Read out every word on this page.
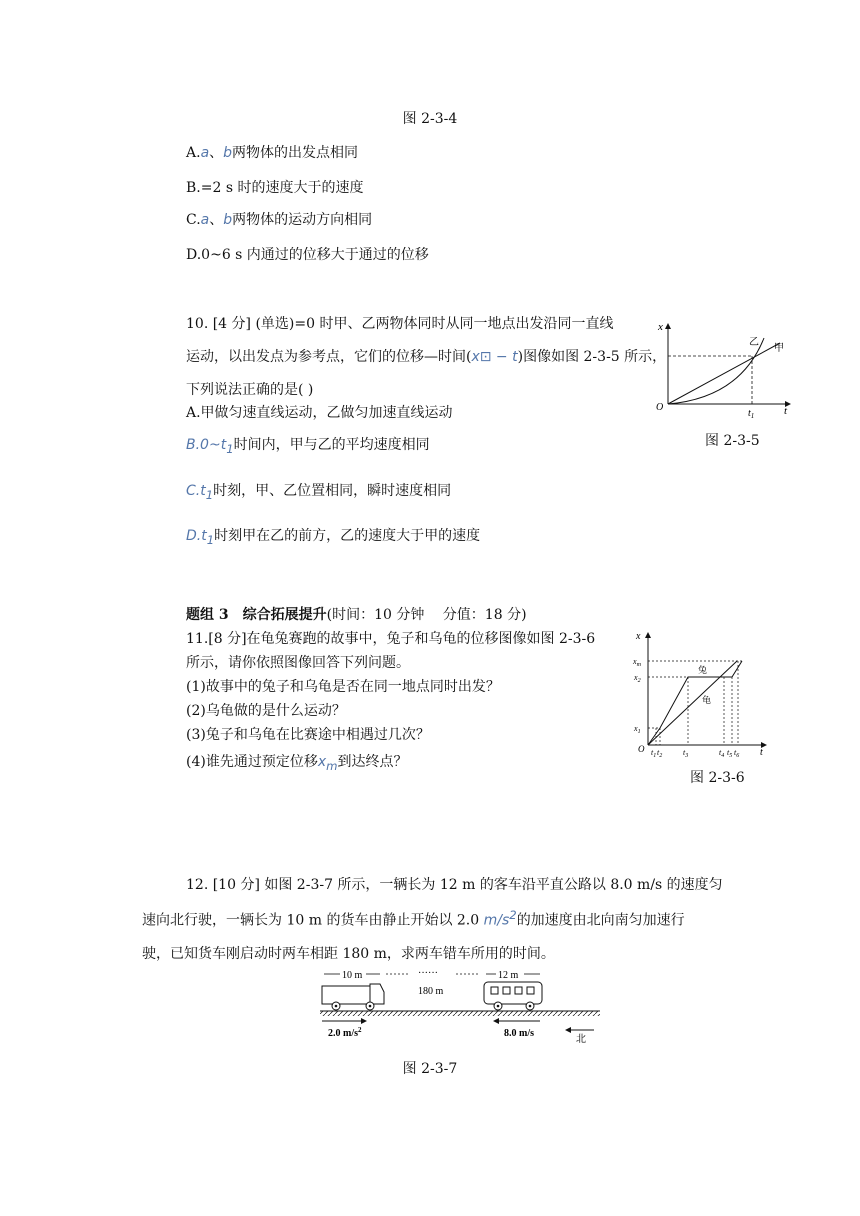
图 2-3-4
A.a、b两物体的出发点相同
B.=2 s 时的速度大于的速度
C.a、b两物体的运动方向相同
D.0~6 s 内通过的位移大于通过的位移
10. [4 分] (单选)=0 时甲、乙两物体同时从同一地点出发沿同一直线
运动，以出发点为参考点，它们的位移—时间(x⊡ − t)图像如图 2-3-5 所示，
下列说法正确的是( )
A.甲做匀速直线运动，乙做匀加速直线运动
$B.0\sim t_1$时间内，甲与乙的平均速度相同
$C.t_1$时刻，甲、乙位置相同，瞬时速度相同
$D.t_1$时刻甲在乙的前方，乙的速度大于甲的速度
x
t
O
$t_1$
甲
乙
图 2-3-5
题组 3　综合拓展提升(时间：10 分钟　 分值：18 分)
11.[8 分]在龟兔赛跑的故事中，兔子和乌龟的位移图像如图 2-3-6
所示，请你依照图像回答下列问题。
(1)故事中的兔子和乌龟是否在同一地点同时出发？
(2)乌龟做的是什么运动？
(3)兔子和乌龟在比赛途中相遇过几次？
(4)谁先通过预定位移$x_m$到达终点？
x
t
O
$x_m$
$x_2$
$x_1$
兔
龟
$t_1$ $t_2$	$t_3$	$t_4$ $t_5$ $t_6$
图 2-3-6
12. [10 分] 如图 2-3-7 所示，一辆长为 12 m 的客车沿平直公路以 8.0 m/s 的速度匀
速向北行驶，一辆长为 10 m 的货车由静止开始以 2.0 $m/s^2$的加速度由北向南匀加速行
驶，已知货车刚启动时两车相距 180 m，求两车错车所用的时间。
10 m	······
180 m
12 m
2.0 $m/s^2$	8.0 m/s
北
图 2-3-7
